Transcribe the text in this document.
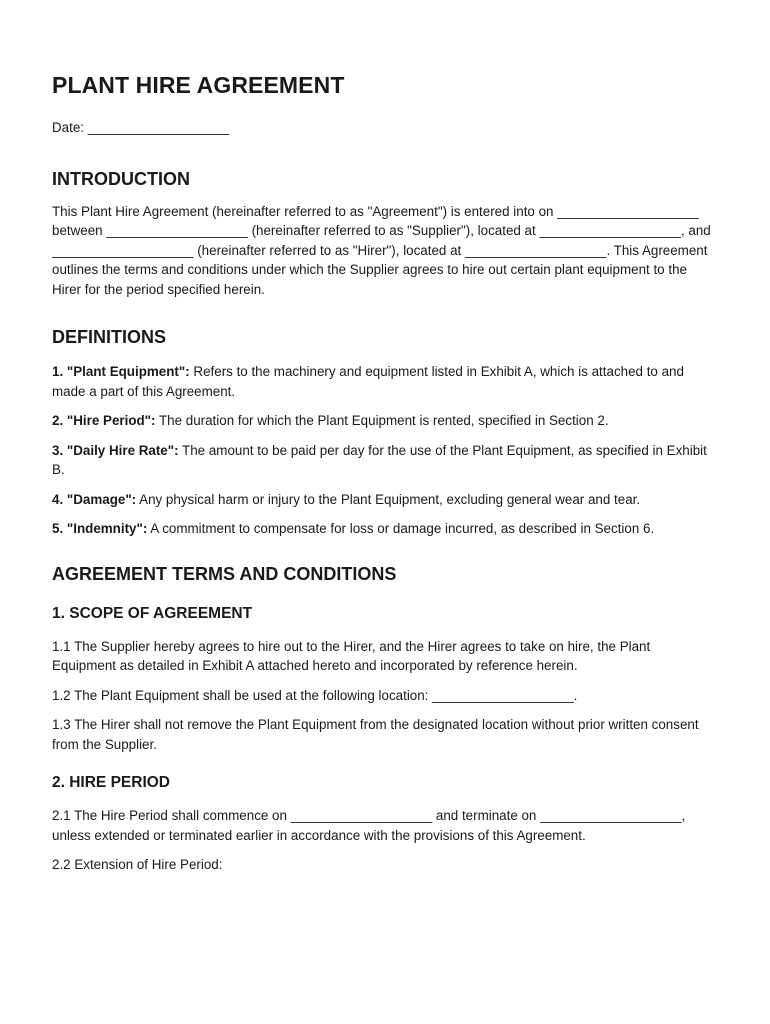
PLANT HIRE AGREEMENT
Date: ___________________
INTRODUCTION

This Plant Hire Agreement (hereinafter referred to as "Agreement") is entered into on ___________________ between ___________________ (hereinafter referred to as "Supplier"), located at ___________________, and ___________________ (hereinafter referred to as "Hirer"), located at ___________________. This Agreement outlines the terms and conditions under which the Supplier agrees to hire out certain plant equipment to the Hirer for the period specified herein.

DEFINITIONS

1. "Plant Equipment": Refers to the machinery and equipment listed in Exhibit A, which is attached to and made a part of this Agreement.

2. "Hire Period": The duration for which the Plant Equipment is rented, specified in Section 2.

3. "Daily Hire Rate": The amount to be paid per day for the use of the Plant Equipment, as specified in Exhibit B.

4. "Damage": Any physical harm or injury to the Plant Equipment, excluding general wear and tear.

5. "Indemnity": A commitment to compensate for loss or damage incurred, as described in Section 6.

AGREEMENT TERMS AND CONDITIONS
1. SCOPE OF AGREEMENT

1.1 The Supplier hereby agrees to hire out to the Hirer, and the Hirer agrees to take on hire, the Plant Equipment as detailed in Exhibit A attached hereto and incorporated by reference herein.

1.2 The Plant Equipment shall be used at the following location: ___________________.

1.3 The Hirer shall not remove the Plant Equipment from the designated location without prior written consent from the Supplier.

2. HIRE PERIOD

2.1 The Hire Period shall commence on ___________________ and terminate on ___________________, unless extended or terminated earlier in accordance with the provisions of this Agreement.

2.2 Extension of Hire Period:
